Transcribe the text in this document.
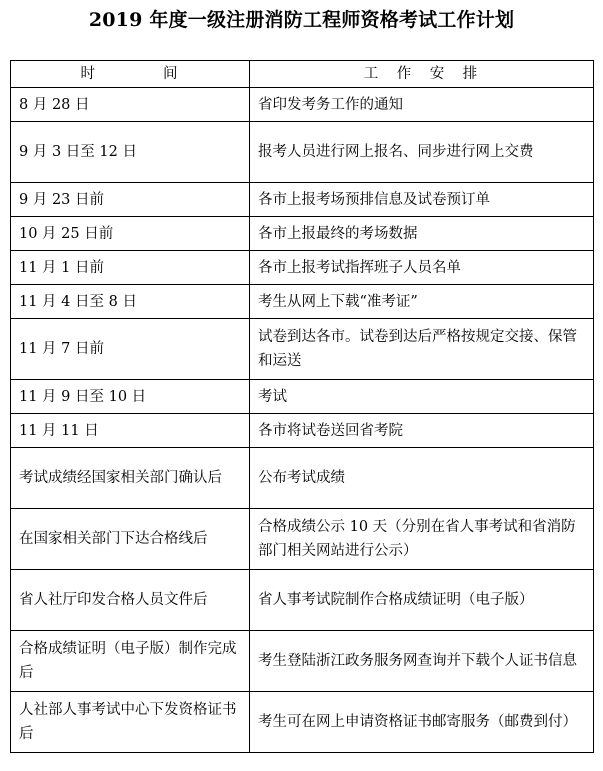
2019 年度一级注册消防工程师资格考试工作计划
时　　　　间	工　作　安　排
8 月 28 日	省印发考务工作的通知
9 月 3 日至 12 日	报考人员进行网上报名、同步进行网上交费
9 月 23 日前	各市上报考场预排信息及试卷预订单
10 月 25 日前	各市上报最终的考场数据
11 月 1 日前	各市上报考试指挥班子人员名单
11 月 4 日至 8 日	考生从网上下载“准考证”
11 月 7 日前	试卷到达各市。试卷到达后严格按规定交接、保管和运送
11 月 9 日至 10 日	考试
11 月 11 日	各市将试卷送回省考院
考试成绩经国家相关部门确认后	公布考试成绩
在国家相关部门下达合格线后	合格成绩公示 10 天（分别在省人事考试和省消防部门相关网站进行公示）
省人社厅印发合格人员文件后	省人事考试院制作合格成绩证明（电子版）
合格成绩证明（电子版）制作完成后	考生登陆浙江政务服务网查询并下载个人证书信息
人社部人事考试中心下发资格证书后	考生可在网上申请资格证书邮寄服务（邮费到付）
